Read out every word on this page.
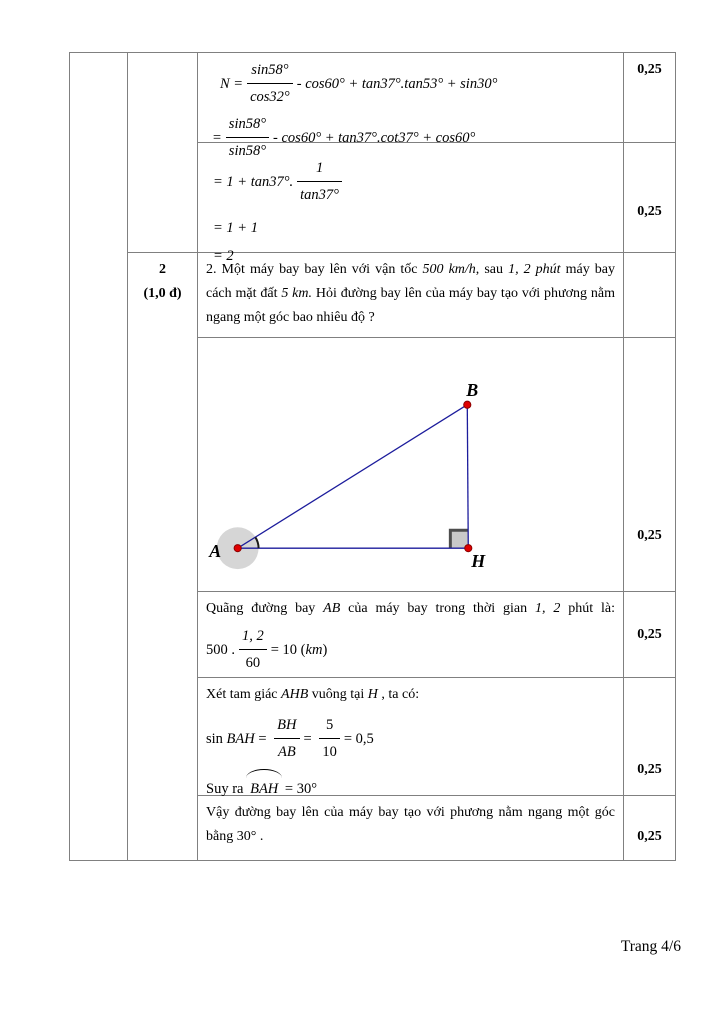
2
(1,0 đ)
$N = \frac{\sin 58^\circ}{\cos 32^\circ} - \cos 60^\circ + \tan 37^\circ.\tan 53^\circ + \sin 30^\circ$
= $\frac{\sin 58^\circ}{\sin 58^\circ} - \cos 60^\circ + \tan 37^\circ.\cot 37^\circ + \cos 60^\circ$
0,25
= 1 + tan37°. $\frac{1}{\tan 37^\circ}$
= 1 + 1
= 2
0,25

2. Một máy bay bay lên với vận tốc 500 km/h, sau 1, 2 phút máy bay cách mặt đất 5 km. Hỏi đường bay lên của máy bay tạo với phương nằm ngang một góc bao nhiêu độ ?

A
B
H
0,25

Quãng đường bay AB của máy bay trong thời gian 1, 2 phút là:

500 . $\frac{1, 2}{60} = 10$ ( km )
0,25

Xét tam giác AHB vuông tại H , ta có:

sin BAH = $\frac{BH}{AB} = \frac{5}{10} = 0,5$
Suy ra BAH = 30°
0,25

Vậy đường bay lên của máy bay tạo với phương nằm ngang một góc bằng 30° .	0,25
Trang 4/6
